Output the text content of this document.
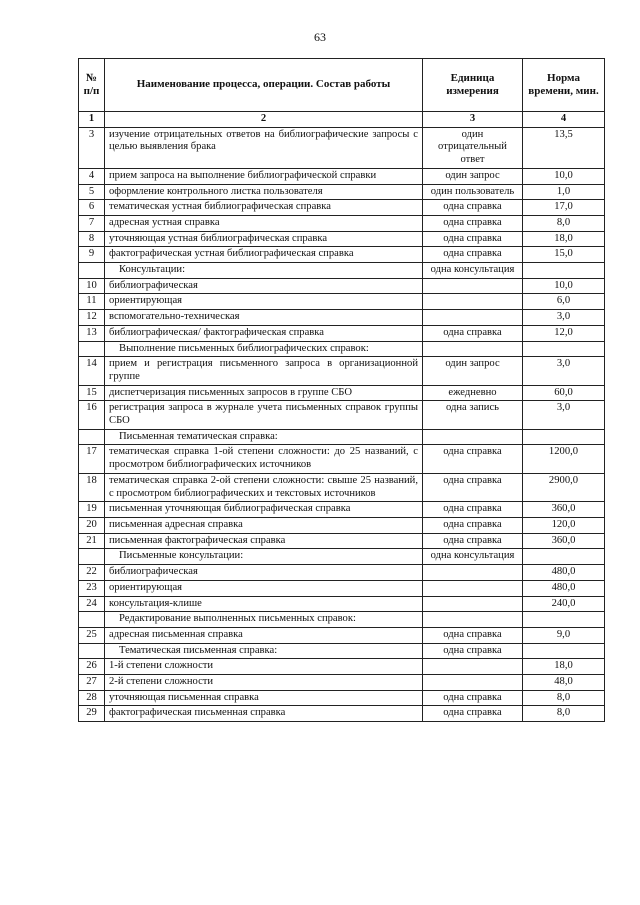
63
№ п/п	Наименование процесса, операции. Состав работы	Единица измерения	Норма времени, мин.
1	2	3	4
3	изучение отрицательных ответов на библиографические запросы с целью выявления брака	один отрицательный ответ	13,5
4	прием запроса на выполнение библиографической справки	один запрос	10,0
5	оформление контрольного листка пользователя	один пользователь	1,0
6	тематическая устная библиографическая справка	одна справка	17,0
7	адресная устная справка	одна справка	8,0
8	уточняющая устная библиографическая справка	одна справка	18,0
9	фактографическая устная библиографическая справка	одна справка	15,0
	Консультации:	одна консультация	
10	библиографическая		10,0
11	ориентирующая		6,0
12	вспомогательно-техническая		3,0
13	библиографическая/ фактографическая справка	одна справка	12,0
	Выполнение письменных библиографических справок:		
14	прием и регистрация письменного запроса в организационной группе	один запрос	3,0
15	диспетчеризация письменных запросов в группе СБО	ежедневно	60,0
16	регистрация запроса в журнале учета письменных справок группы СБО	одна запись	3,0
	Письменная тематическая справка:		
17	тематическая справка 1-ой степени сложности: до 25 названий, с просмотром библиографических источников	одна справка	1200,0
18	тематическая справка 2-ой степени сложности: свыше 25 названий, с просмотром библиографических и текстовых источников	одна справка	2900,0
19	письменная уточняющая библиографическая справка	одна справка	360,0
20	письменная адресная справка	одна справка	120,0
21	письменная фактографическая справка	одна справка	360,0
	Письменные консультации:	одна консультация	
22	библиографическая		480,0
23	ориентирующая		480,0
24	консультация-клише		240,0
	Редактирование выполненных письменных справок:		
25	адресная письменная справка	одна справка	9,0
	Тематическая письменная справка:	одна справка	
26	1-й степени сложности		18,0
27	2-й степени сложности		48,0
28	уточняющая письменная справка	одна справка	8,0
29	фактографическая письменная справка	одна справка	8,0
